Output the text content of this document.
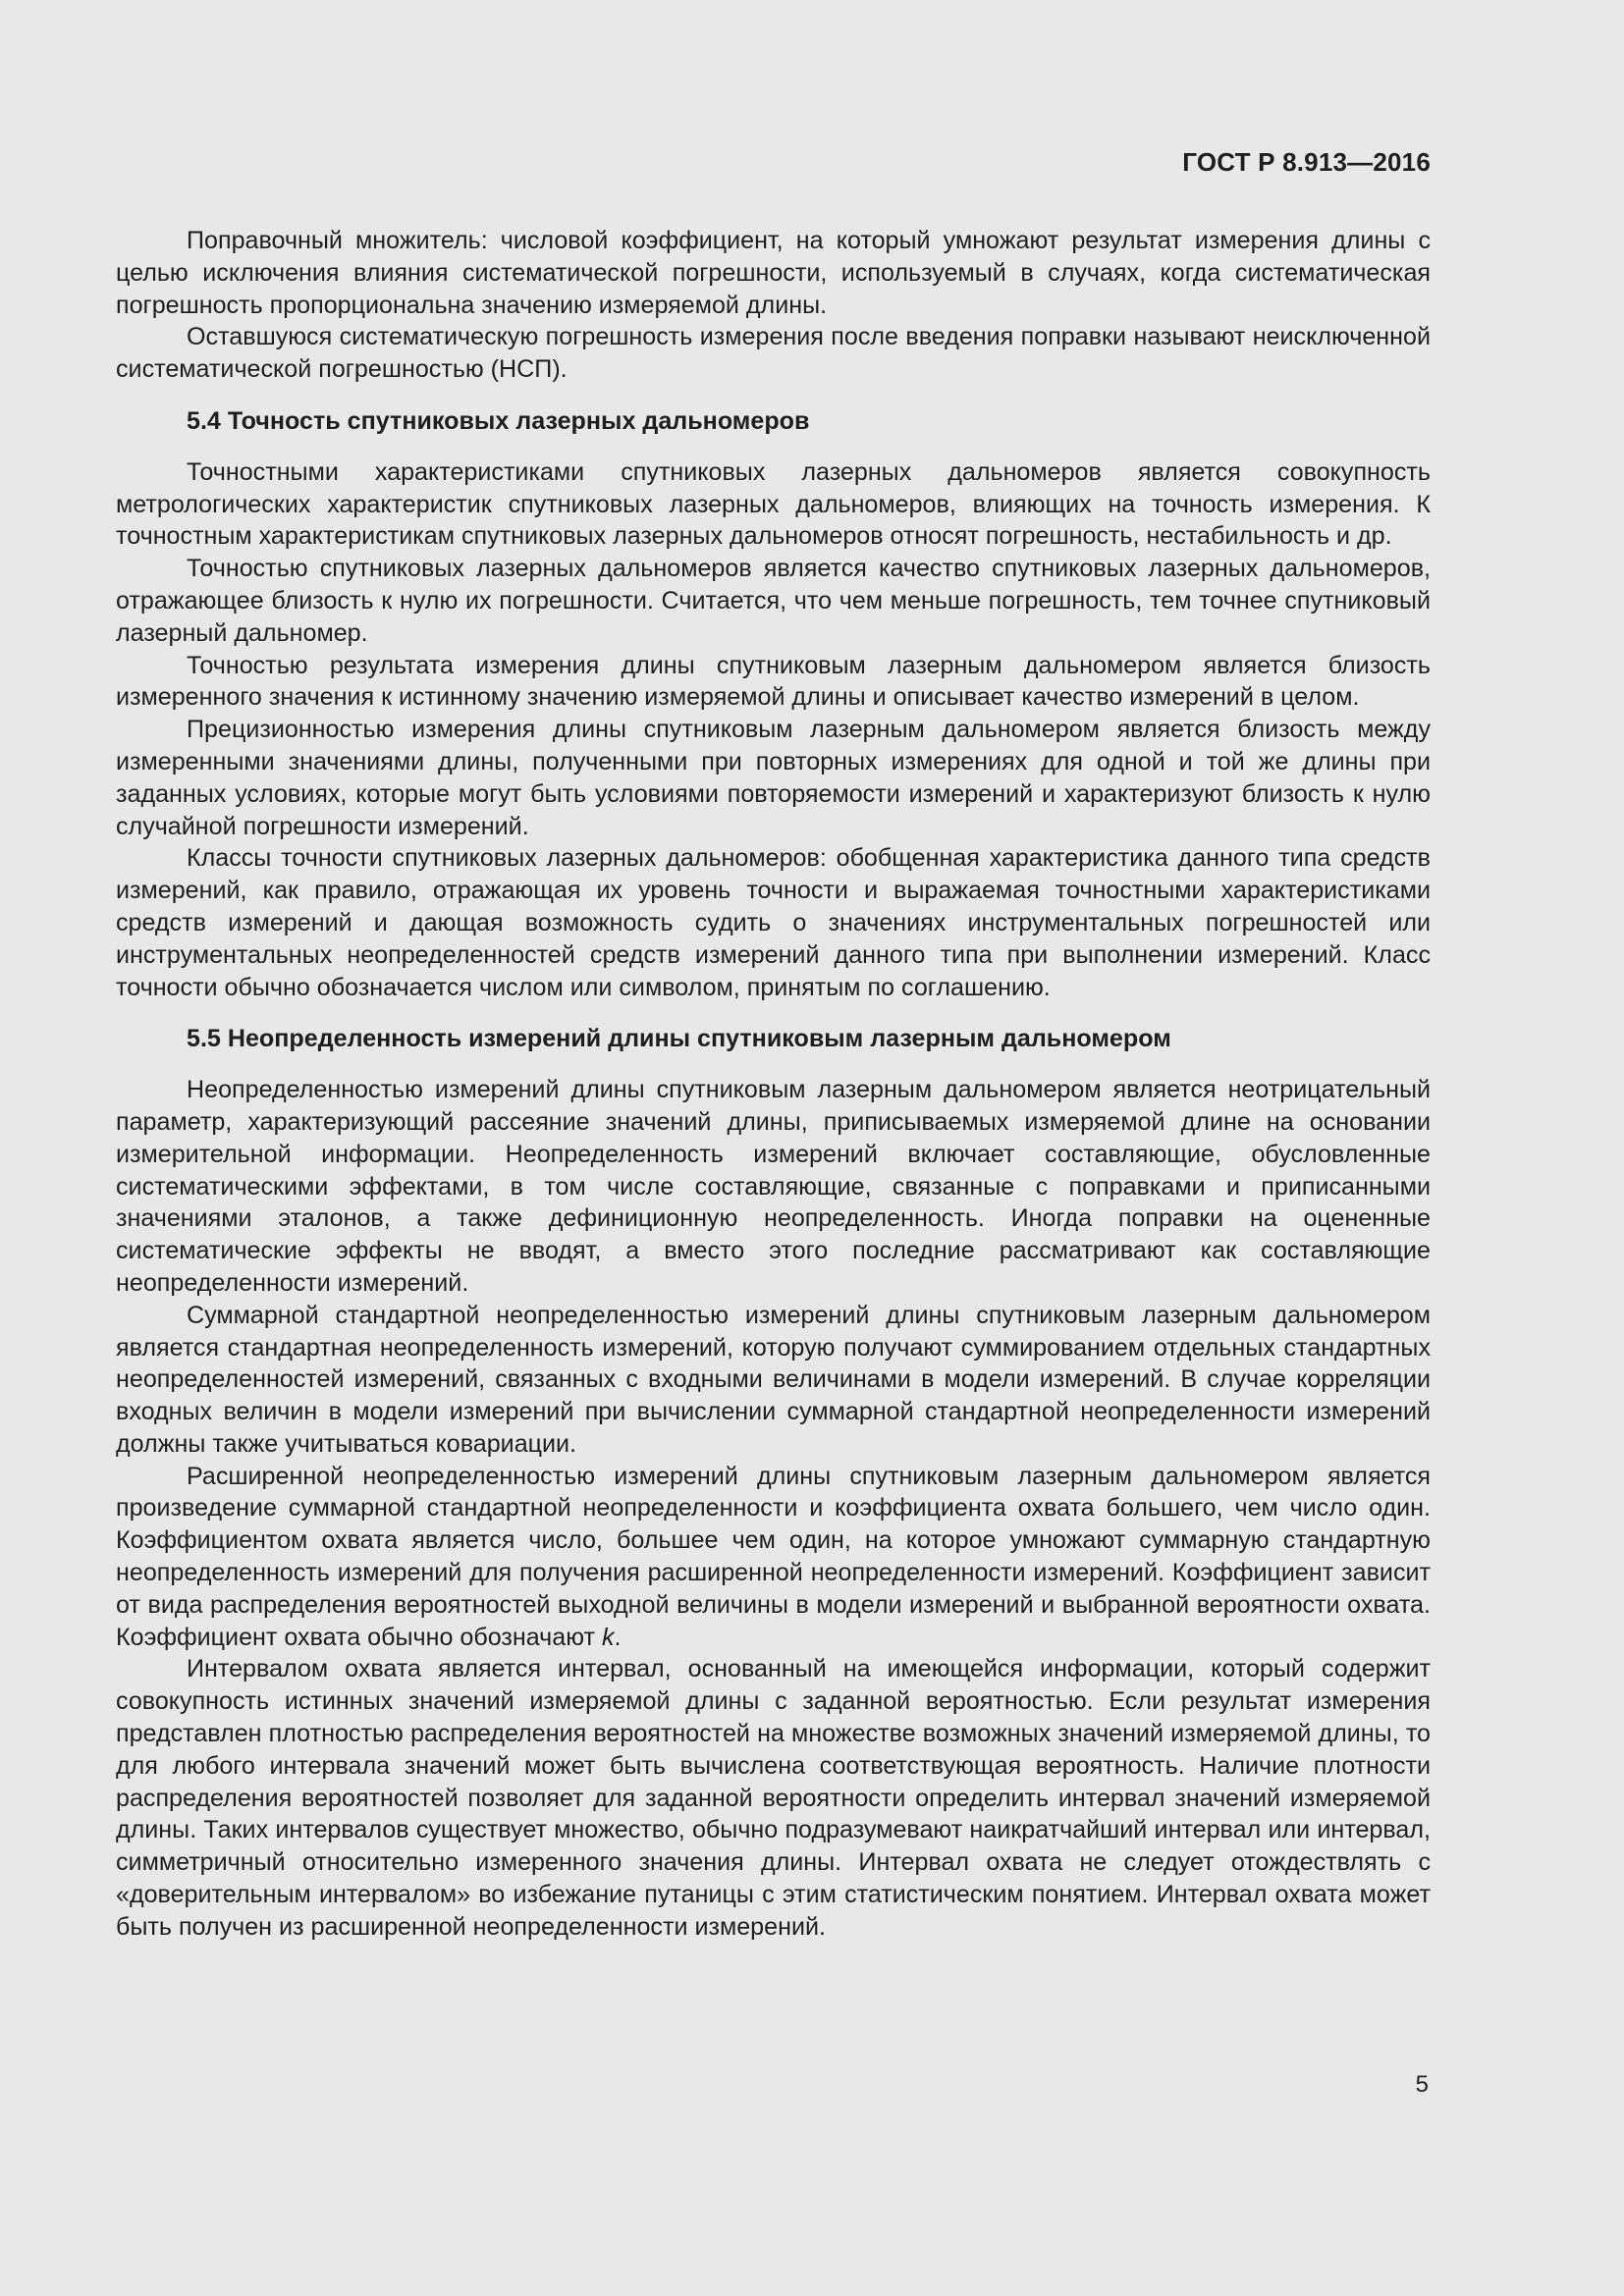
ГОСТ Р 8.913—2016

Поправочный множитель: числовой коэффициент, на который умножают результат измерения длины с целью исключения влияния систематической погрешности, используемый в случаях, когда систематическая погрешность пропорциональна значению измеряемой длины.

Оставшуюся систематическую погрешность измерения после введения поправки называют неисключенной систематической погрешностью (НСП).

5.4 Точность спутниковых лазерных дальномеров

Точностными характеристиками спутниковых лазерных дальномеров является совокупность метрологических характеристик спутниковых лазерных дальномеров, влияющих на точность измерения. К точностным характеристикам спутниковых лазерных дальномеров относят погрешность, нестабильность и др.

Точностью спутниковых лазерных дальномеров является качество спутниковых лазерных дальномеров, отражающее близость к нулю их погрешности. Считается, что чем меньше погрешность, тем точнее спутниковый лазерный дальномер.

Точностью результата измерения длины спутниковым лазерным дальномером является близость измеренного значения к истинному значению измеряемой длины и описывает качество измерений в целом.

Прецизионностью измерения длины спутниковым лазерным дальномером является близость между измеренными значениями длины, полученными при повторных измерениях для одной и той же длины при заданных условиях, которые могут быть условиями повторяемости измерений и характеризуют близость к нулю случайной погрешности измерений.

Классы точности спутниковых лазерных дальномеров: обобщенная характеристика данного типа средств измерений, как правило, отражающая их уровень точности и выражаемая точностными характеристиками средств измерений и дающая возможность судить о значениях инструментальных погрешностей или инструментальных неопределенностей средств измерений данного типа при выполнении измерений. Класс точности обычно обозначается числом или символом, принятым по соглашению.

5.5 Неопределенность измерений длины спутниковым лазерным дальномером

Неопределенностью измерений длины спутниковым лазерным дальномером является неотрицательный параметр, характеризующий рассеяние значений длины, приписываемых измеряемой длине на основании измерительной информации. Неопределенность измерений включает составляющие, обусловленные систематическими эффектами, в том числе составляющие, связанные с поправками и приписанными значениями эталонов, а также дефиниционную неопределенность. Иногда поправки на оцененные систематические эффекты не вводят, а вместо этого последние рассматривают как составляющие неопределенности измерений.

Суммарной стандартной неопределенностью измерений длины спутниковым лазерным дальномером является стандартная неопределенность измерений, которую получают суммированием отдельных стандартных неопределенностей измерений, связанных с входными величинами в модели измерений. В случае корреляции входных величин в модели измерений при вычислении суммарной стандартной неопределенности измерений должны также учитываться ковариации.

Расширенной неопределенностью измерений длины спутниковым лазерным дальномером является произведение суммарной стандартной неопределенности и коэффициента охвата большего, чем число один. Коэффициентом охвата является число, большее чем один, на которое умножают суммарную стандартную неопределенность измерений для получения расширенной неопределенности измерений. Коэффициент зависит от вида распределения вероятностей выходной величины в модели измерений и выбранной вероятности охвата. Коэффициент охвата обычно обозначают k.

Интервалом охвата является интервал, основанный на имеющейся информации, который содержит совокупность истинных значений измеряемой длины с заданной вероятностью. Если результат измерения представлен плотностью распределения вероятностей на множестве возможных значений измеряемой длины, то для любого интервала значений может быть вычислена соответствующая вероятность. Наличие плотности распределения вероятностей позволяет для заданной вероятности определить интервал значений измеряемой длины. Таких интервалов существует множество, обычно подразумевают наикратчайший интервал или интервал, симметричный относительно измеренного значения длины. Интервал охвата не следует отождествлять с «доверительным интервалом» во избежание путаницы с этим статистическим понятием. Интервал охвата может быть получен из расширенной неопределенности измерений.

5
